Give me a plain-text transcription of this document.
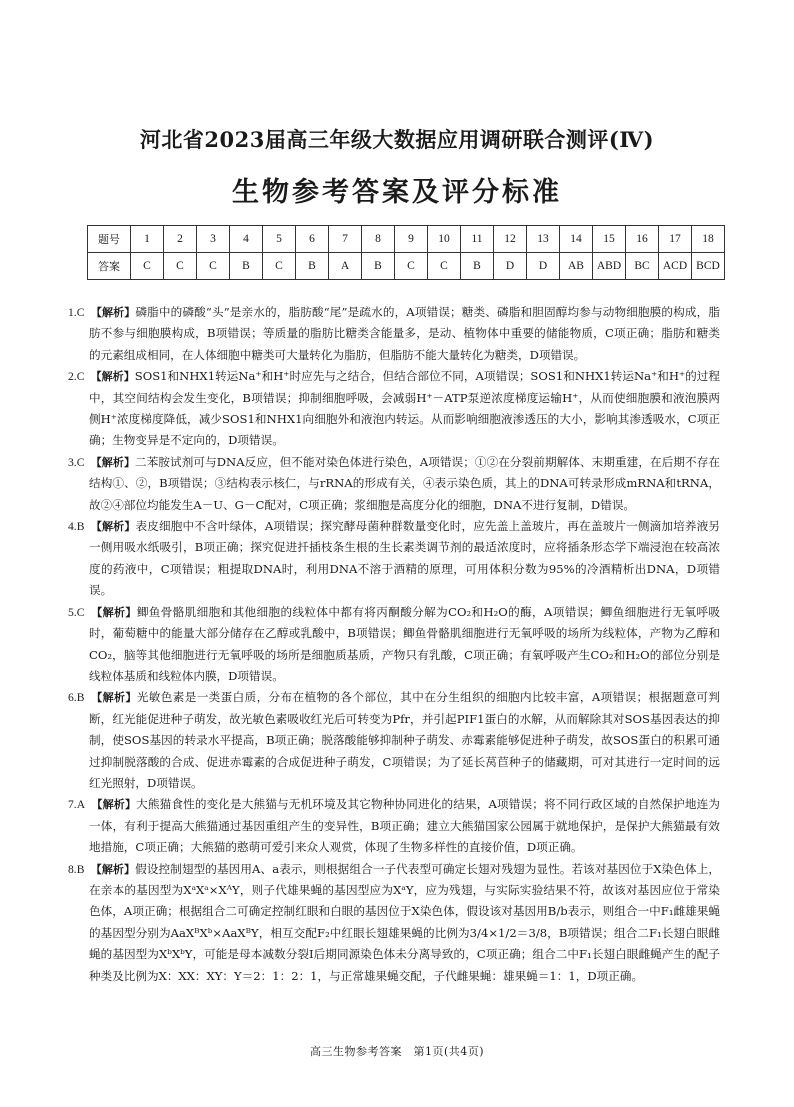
河北省2023届高三年级大数据应用调研联合测评(Ⅳ)
生物参考答案及评分标准
题号	1	2	3	4	5	6	7	8	9	10	11	12	13	14	15	16	17	18
答案	C	C	C	B	C	B	A	B	C	C	B	D	D	AB	ABD	BC	ACD	BCD
1.C　 【解析】磷脂中的磷酸“头”是亲水的，脂肪酸“尾”是疏水的，A项错误；糖类、磷脂和胆固醇均参与动物细胞膜的构成，脂肪不参与细胞膜构成，B项错误；等质量的脂肪比糖类含能量多，是动、植物体中重要的储能物质，C项正确；脂肪和糖类的元素组成相同，在人体细胞中糖类可大量转化为脂肪，但脂肪不能大量转化为糖类，D项错误。
2.C　 【解析】SOS1和NHX1转运Na⁺和H⁺时应先与之结合，但结合部位不同，A项错误；SOS1和NHX1转运Na⁺和H⁺的过程中，其空间结构会发生变化，B项错误；抑制细胞呼吸，会减弱H⁺－ATP泵逆浓度梯度运输H⁺，从而使细胞膜和液泡膜两侧H⁺浓度梯度降低，减少SOS1和NHX1向细胞外和液泡内转运。从而影响细胞液渗透压的大小，影响其渗透吸水，C项正确；生物变异是不定向的，D项错误。
3.C　 【解析】二苯胺试剂可与DNA反应，但不能对染色体进行染色，A项错误；①②在分裂前期解体、末期重建，在后期不存在结构①、②，B项错误；③结构表示核仁，与rRNA的形成有关，④表示染色质，其上的DNA可转录形成mRNA和tRNA，故②④部位均能发生A－U、G－C配对，C项正确；浆细胞是高度分化的细胞，DNA不进行复制，D错误。
4.B　 【解析】表皮细胞中不含叶绿体，A项错误；探究酵母菌种群数量变化时，应先盖上盖玻片，再在盖玻片一侧滴加培养液另一侧用吸水纸吸引，B项正确；探究促进扦插枝条生根的生长素类调节剂的最适浓度时，应将插条形态学下端浸泡在较高浓度的药液中，C项错误；粗提取DNA时，利用DNA不溶于酒精的原理，可用体积分数为95%的冷酒精析出DNA，D项错误。
5.C　 【解析】鲫鱼骨骼肌细胞和其他细胞的线粒体中都有将丙酮酸分解为CO₂和H₂O的酶，A项错误；鲫鱼细胞进行无氧呼吸时，葡萄糖中的能量大部分储存在乙醇或乳酸中，B项错误；鲫鱼骨骼肌细胞进行无氧呼吸的场所为线粒体，产物为乙醇和CO₂，脑等其他细胞进行无氧呼吸的场所是细胞质基质，产物只有乳酸，C项正确；有氧呼吸产生CO₂和H₂O的部位分别是线粒体基质和线粒体内膜，D项错误。
6.B　 【解析】光敏色素是一类蛋白质，分布在植物的各个部位，其中在分生组织的细胞内比较丰富，A项错误；根据题意可判断，红光能促进种子萌发，故光敏色素吸收红光后可转变为Pfr，并引起PIF1蛋白的水解，从而解除其对SOS基因表达的抑制，使SOS基因的转录水平提高，B项正确；脱落酸能够抑制种子萌发、赤霉素能够促进种子萌发，故SOS蛋白的积累可通过抑制脱落酸的合成、促进赤霉素的合成促进种子萌发，C项错误；为了延长莴苣种子的储藏期，可对其进行一定时间的远红光照射，D项错误。
7.A　 【解析】大熊猫食性的变化是大熊猫与无机环境及其它物种协同进化的结果，A项错误；将不同行政区域的自然保护地连为一体，有利于提高大熊猫通过基因重组产生的变异性，B项正确；建立大熊猫国家公园属于就地保护，是保护大熊猫最有效地措施，C项正确；大熊猫的憨萌可爱引来众人观赏，体现了生物多样性的直接价值，D项正确。
8.B　 【解析】假设控制翅型的基因用A、a表示，则根据组合一子代表型可确定长翅对残翅为显性。若该对基因位于X染色体上，在亲本的基因型为XᵃXᵃ×XᴬY，则子代雄果蝇的基因型应为XᵃY，应为残翅，与实际实验结果不符，故该对基因应位于常染色体，A项正确；根据组合二可确定控制红眼和白眼的基因位于X染色体，假设该对基因用B/b表示，则组合一中F₁雌雄果蝇的基因型分别为AaXᴮXᵇ×AaXᴮY，相互交配F₂中红眼长翅雄果蝇的比例为3/4×1/2＝3/8，B项错误；组合二F₁长翅白眼雌蝇的基因型为XᵇXᵇY，可能是母本减数分裂Ⅰ后期同源染色体未分离导致的，C项正确；组合二中F₁长翅白眼雌蝇产生的配子种类及比例为X：XX：XY：Y＝2：1：2：1，与正常雄果蝇交配，子代雌果蝇：雄果蝇＝1：1，D项正确。
高三生物参考答案　第1页(共4页)
